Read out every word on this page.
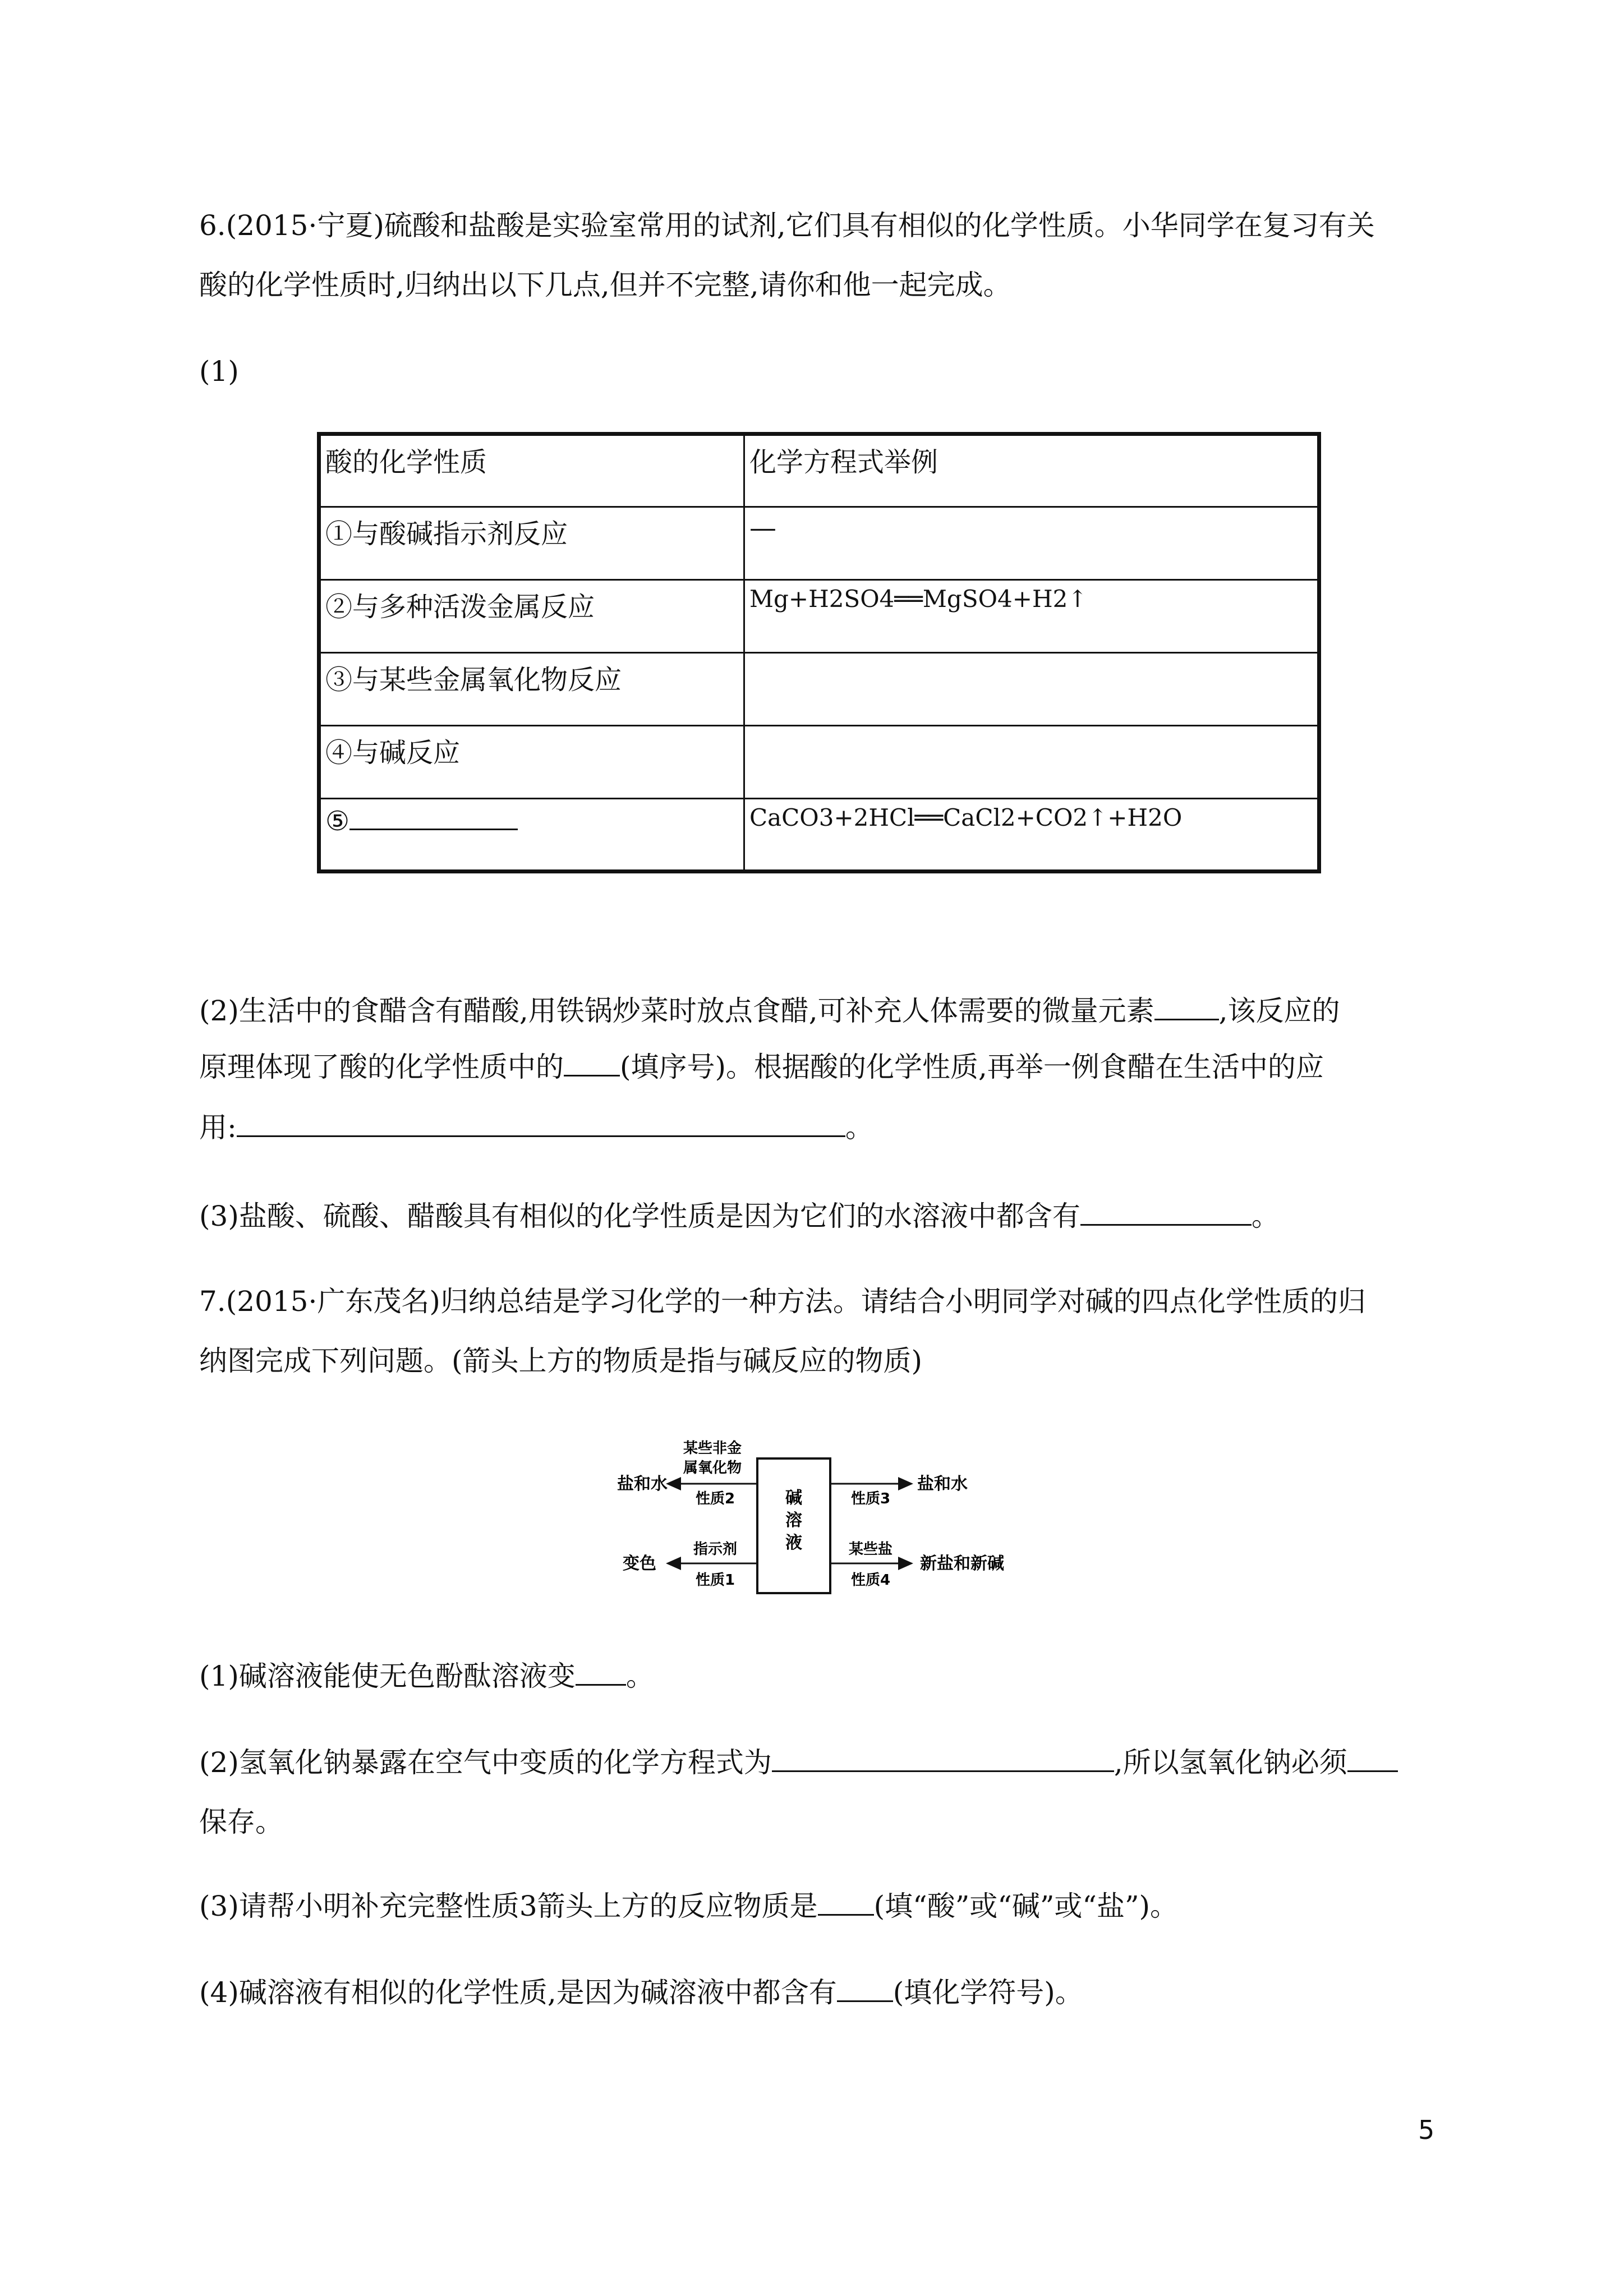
6.(2015·宁夏)硫酸和盐酸是实验室常用的试剂,它们具有相似的化学性质。小华同学在复习有关
酸的化学性质时,归纳出以下几点,但并不完整,请你和他一起完成。
(1)
酸的化学性质	化学方程式举例
①与酸碱指示剂反应	—
②与多种活泼金属反应	Mg+H2SO4══MgSO4+H2↑
③与某些金属氧化物反应	
④与碱反应	
⑤	CaCO3+2HCl══CaCl2+CO2↑+H2O
(2)生活中的食醋含有醋酸,用铁锅炒菜时放点食醋,可补充人体需要的微量元素 ,该反应的
原理体现了酸的化学性质中的 (填序号)。根据酸的化学性质,再举一例食醋在生活中的应
用:	。
(3)盐酸、硫酸、醋酸具有相似的化学性质是因为它们的水溶液中都含有	。
7.(2015·广东茂名)归纳总结是学习化学的一种方法。请结合小明同学对碱的四点化学性质的归
纳图完成下列问题。(箭头上方的物质是指与碱反应的物质)
碱
溶
液
某些非金
属氧化物
性质2
盐和水
性质3
盐和水
指示剂
性质1
变色
某些盐
性质4
新盐和新碱
(1)碱溶液能使无色酚酞溶液变 。
(2)氢氧化钠暴露在空气中变质的化学方程式为	,所以氢氧化钠必须
保存。
(3)请帮小明补充完整性质3箭头上方的反应物质是 (填“酸”或“碱”或“盐”)。
(4)碱溶液有相似的化学性质,是因为碱溶液中都含有 (填化学符号)。
5
